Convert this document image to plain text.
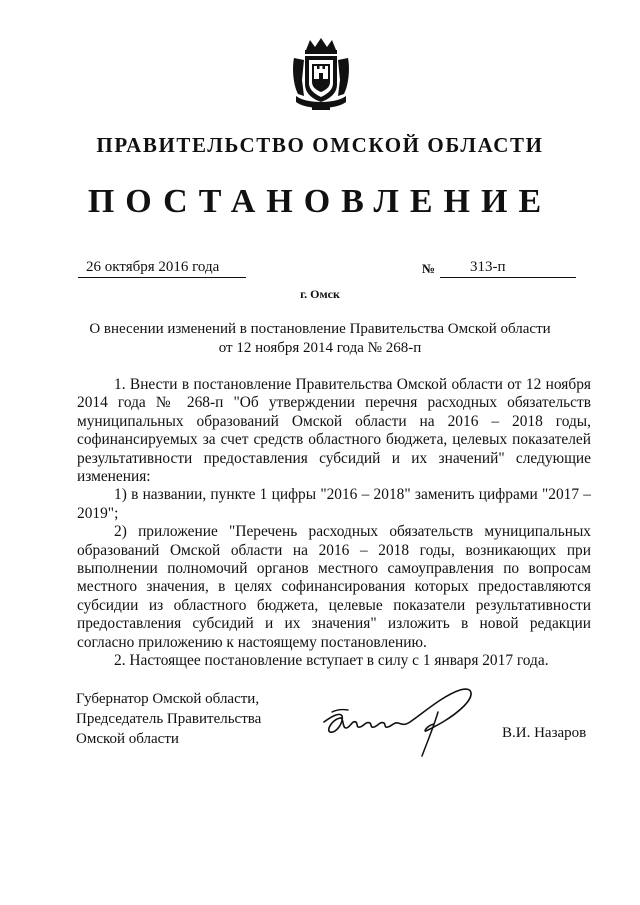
ПРАВИТЕЛЬСТВО ОМСКОЙ ОБЛАСТИ
ПОСТАНОВЛЕНИЕ
26 октября 2016 года	№	313-п
г. Омск
О внесении изменений в постановление Правительства Омской области
от 12 ноября 2014 года № 268-п

1. Внести в постановление Правительства Омской области от 12 ноября 2014 года № 268-п "Об утверждении перечня расходных обязательств муниципальных образований Омской области на 2016 – 2018 годы, софинансируемых за счет средств областного бюджета, целевых показателей результативности предоставления субсидий и их значений" следующие изменения:

1) в названии, пункте 1 цифры "2016 – 2018" заменить цифрами "2017 – 2019";

2) приложение "Перечень расходных обязательств муниципальных образований Омской области на 2016 – 2018 годы, возникающих при выполнении полномочий органов местного самоуправления по вопросам местного значения, в целях софинансирования которых предоставляются субсидии из областного бюджета, целевые показатели результативности предоставления субсидий и их значения" изложить в новой редакции согласно приложению к настоящему постановлению.

2. Настоящее постановление вступает в силу с 1 января 2017 года.

Губернатор Омской области,
Председатель Правительства
Омской области	В.И. Назаров
